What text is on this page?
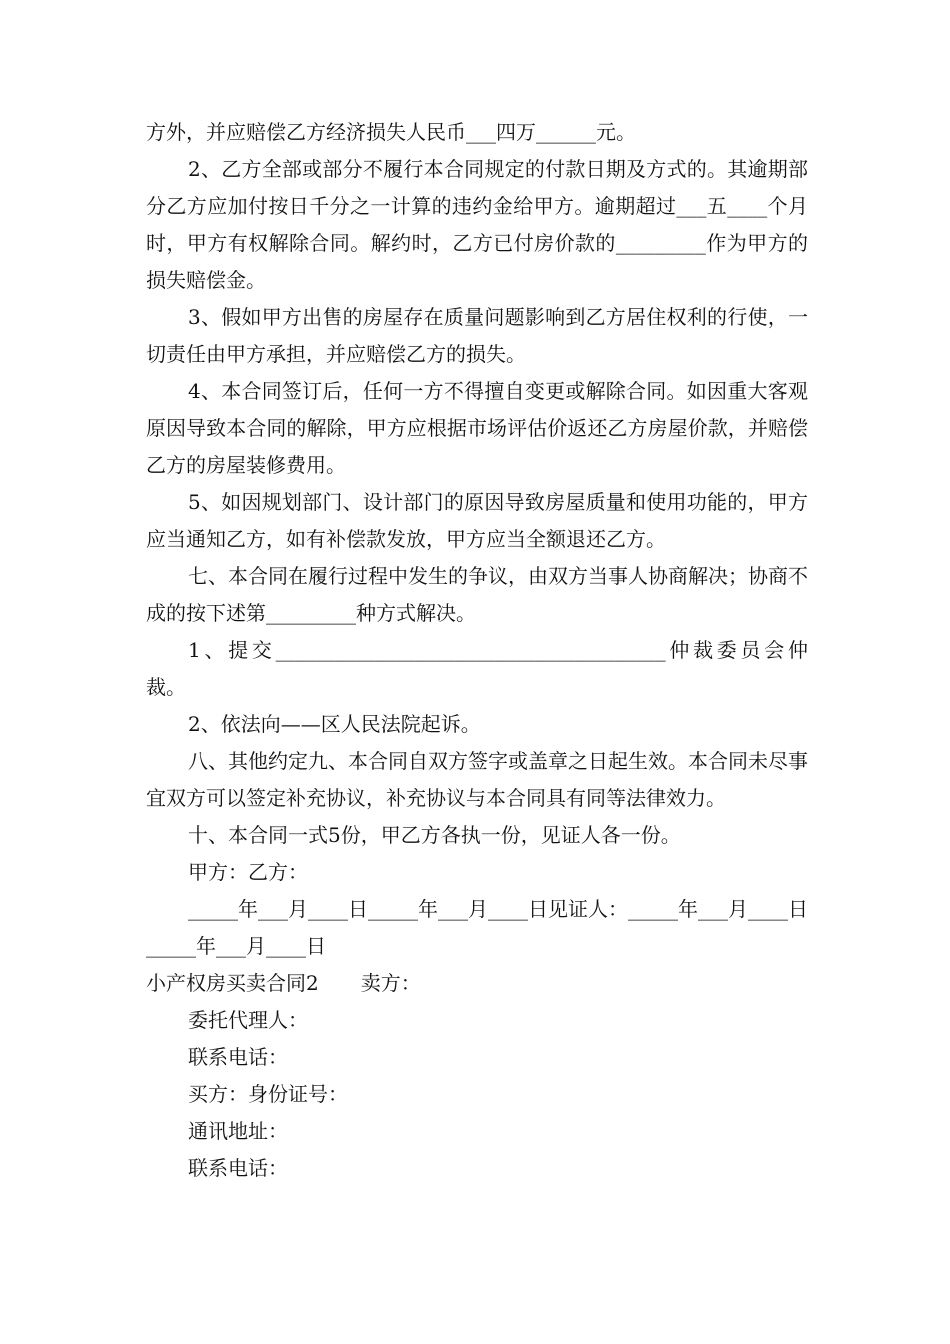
方外，并应赔偿乙方经济损失人民币___四万______元。

2、乙方全部或部分不履行本合同规定的付款日期及方式的。其逾期部分乙方应加付按日千分之一计算的违约金给甲方。逾期超过___五____个月时，甲方有权解除合同。解约时，乙方已付房价款的_________作为甲方的损失赔偿金。

3、假如甲方出售的房屋存在质量问题影响到乙方居住权利的行使，一切责任由甲方承担，并应赔偿乙方的损失。

4、本合同签订后，任何一方不得擅自变更或解除合同。如因重大客观原因导致本合同的解除，甲方应根据市场评估价返还乙方房屋价款，并赔偿乙方的房屋装修费用。

5、如因规划部门、设计部门的原因导致房屋质量和使用功能的，甲方应当通知乙方，如有补偿款发放，甲方应当全额退还乙方。

七、本合同在履行过程中发生的争议，由双方当事人协商解决；协商不成的按下述第_________种方式解决。

1、提交_______________________________________仲裁委员会仲裁。

2、依法向——区人民法院起诉。

八、其他约定九、本合同自双方签字或盖章之日起生效。本合同未尽事宜双方可以签定补充协议，补充协议与本合同具有同等法律效力。

十、本合同一式5份，甲乙方各执一份，见证人各一份。

甲方：乙方：

_____年___月____日_____年___月____日见证人：_____年___月____日_____年___月____日

小产权房买卖合同2 卖方：

委托代理人：

联系电话：

买方：身份证号：

通讯地址：

联系电话：
